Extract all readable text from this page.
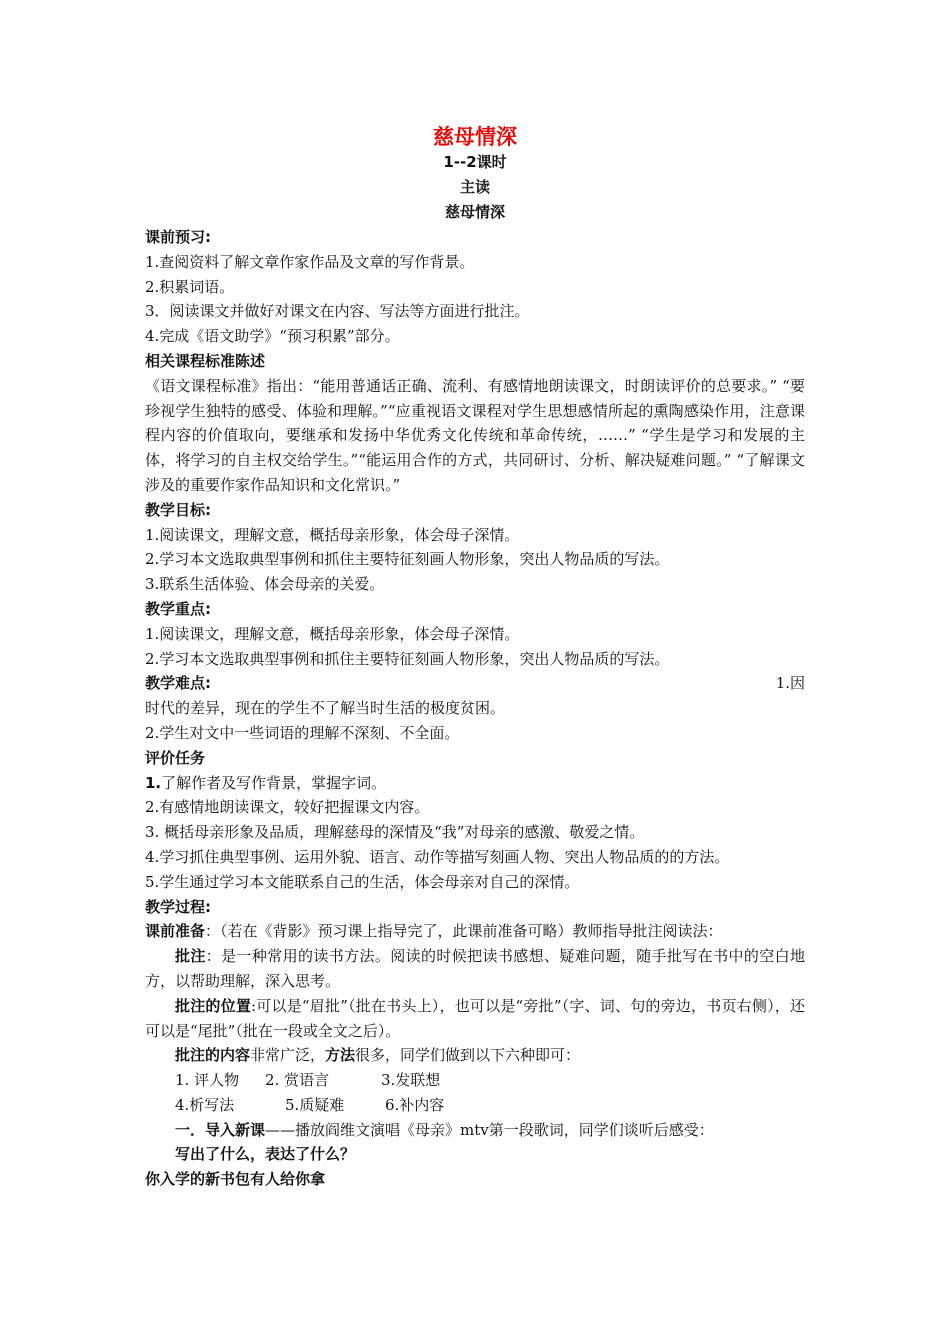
慈母情深
1--2课时
主读
慈母情深

课前预习:

1.查阅资料了解文章作家作品及文章的写作背景。

2.积累词语。

3．阅读课文并做好对课文在内容、写法等方面进行批注。

4.完成《语文助学》“预习积累”部分。

相关课程标准陈述

《语文课程标准》指出：“能用普通话正确、流利、有感情地朗读课文，时朗读评价的总要求。” “要珍视学生独特的感受、体验和理解。”“应重视语文课程对学生思想感情所起的熏陶感染作用，注意课程内容的价值取向，要继承和发扬中华优秀文化传统和革命传统，……” “学生是学习和发展的主体，将学习的自主权交给学生。”“能运用合作的方式，共同研讨、分析、解决疑难问题。” “了解课文涉及的重要作家作品知识和文化常识。”

教学目标:

1.阅读课文，理解文意，概括母亲形象，体会母子深情。

2.学习本文选取典型事例和抓住主要特征刻画人物形象，突出人物品质的写法。

3.联系生活体验、体会母亲的关爱。

教学重点:

1.阅读课文，理解文意，概括母亲形象，体会母子深情。

2.学习本文选取典型事例和抓住主要特征刻画人物形象，突出人物品质的写法。

教学难点:	1.因

时代的差异，现在的学生不了解当时生活的极度贫困。

2.学生对文中一些词语的理解不深刻、不全面。

评价任务

1.了解作者及写作背景，掌握字词。

2.有感情地朗读课文，较好把握课文内容。

3. 概括母亲形象及品质，理解慈母的深情及“我”对母亲的感激、敬爱之情。

4.学习抓住典型事例、运用外貌、语言、动作等描写刻画人物、突出人物品质的的方法。

5.学生通过学习本文能联系自己的生活，体会母亲对自己的深情。

教学过程:

课前准备：（若在《背影》预习课上指导完了，此课前准备可略）教师指导批注阅读法：

批注：是一种常用的读书方法。阅读的时候把读书感想、疑难问题，随手批写在书中的空白地方，以帮助理解，深入思考。

批注的位置:可以是“眉批”（批在书头上），也可以是“旁批”（字、词、句的旁边，书页右侧），还可以是“尾批”（批在一段或全文之后）。

批注的内容非常广泛，方法很多，同学们做到以下六种即可：

1. 评人物 2. 赏语言	3.发联想

4.析写法	5.质疑难	6.补内容

一．导入新课——播放阎维文演唱《母亲》mtv第一段歌词，同学们谈听后感受：

写出了什么，表达了什么？

你入学的新书包有人给你拿
